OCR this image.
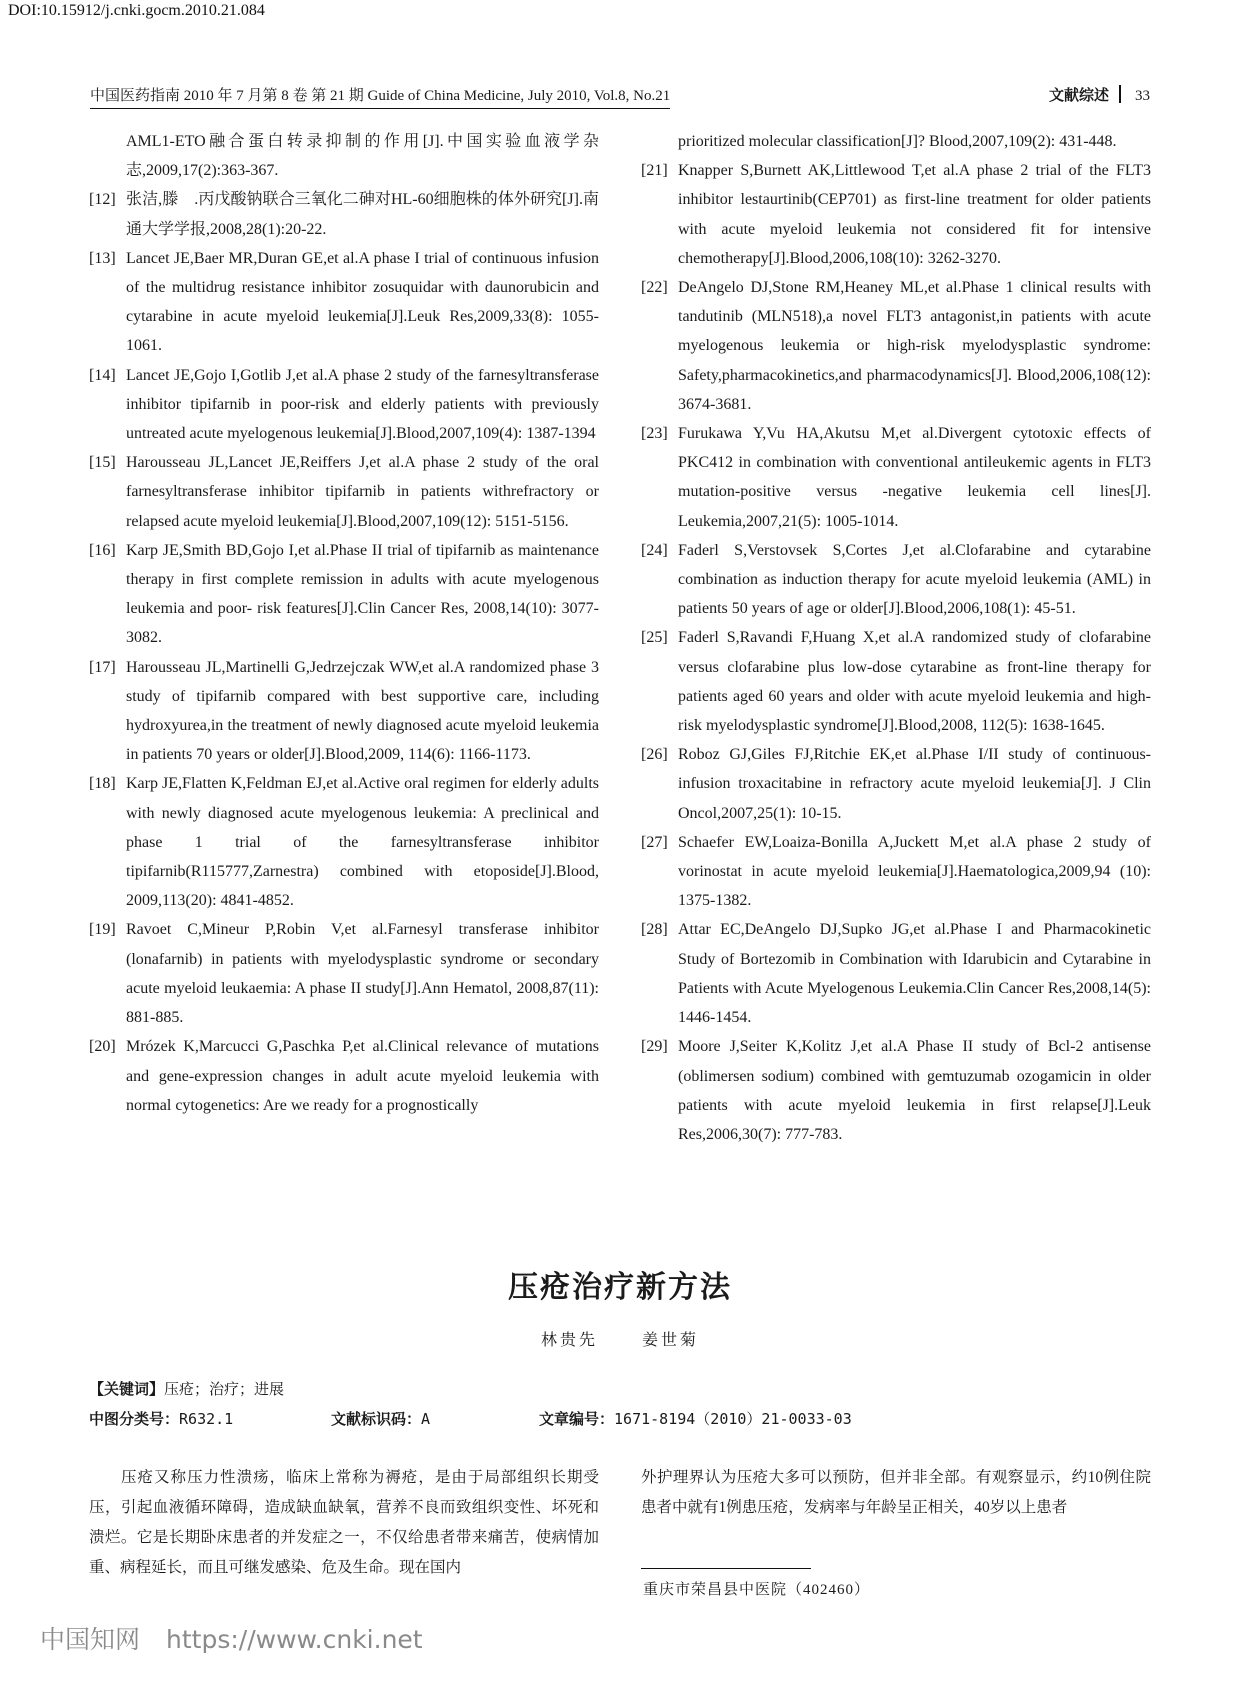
DOI:10.15912/j.cnki.gocm.2010.21.084
中国医药指南 2010 年 7 月第 8 卷 第 21 期 Guide of China Medicine, July 2010, Vol.8, No.21	文献综述 33
AML1-ETO融合蛋白转录抑制的作用[J].中国实验血液学杂志,2009,17(2):363-367.
[12] 张洁,滕　.丙戊酸钠联合三氧化二砷对HL-60细胞株的体外研究[J].南通大学学报,2008,28(1):20-22.
[13] Lancet JE,Baer MR,Duran GE,et al.A phase I trial of continuous infusion of the multidrug resistance inhibitor zosuquidar with daunorubicin and cytarabine in acute myeloid leukemia[J].Leuk Res,2009,33(8): 1055-1061.
[14] Lancet JE,Gojo I,Gotlib J,et al.A phase 2 study of the farnesyltransferase inhibitor tipifarnib in poor-risk and elderly patients with previously untreated acute myelogenous leukemia[J].Blood,2007,109(4): 1387-1394
[15] Harousseau JL,Lancet JE,Reiffers J,et al.A phase 2 study of the oral farnesyltransferase inhibitor tipifarnib in patients withrefractory or relapsed acute myeloid leukemia[J].Blood,2007,109(12): 5151-5156.
[16] Karp JE,Smith BD,Gojo I,et al.Phase II trial of tipifarnib as maintenance therapy in first complete remission in adults with acute myelogenous leukemia and poor- risk features[J].Clin Cancer Res, 2008,14(10): 3077-3082.
[17] Harousseau JL,Martinelli G,Jedrzejczak WW,et al.A randomized phase 3 study of tipifarnib compared with best supportive care, including hydroxyurea,in the treatment of newly diagnosed acute myeloid leukemia in patients 70 years or older[J].Blood,2009, 114(6): 1166-1173.
[18] Karp JE,Flatten K,Feldman EJ,et al.Active oral regimen for elderly adults with newly diagnosed acute myelogenous leukemia: A preclinical and phase 1 trial of the farnesyltransferase inhibitor tipifarnib(R115777,Zarnestra) combined with etoposide[J].Blood, 2009,113(20): 4841-4852.
[19] Ravoet C,Mineur P,Robin V,et al.Farnesyl transferase inhibitor (lonafarnib) in patients with myelodysplastic syndrome or secondary acute myeloid leukaemia: A phase II study[J].Ann Hematol, 2008,87(11): 881-885.
[20] Mrózek K,Marcucci G,Paschka P,et al.Clinical relevance of mutations and gene-expression changes in adult acute myeloid leukemia with normal cytogenetics: Are we ready for a prognostically
prioritized molecular classification[J]? Blood,2007,109(2): 431-448.
[21] Knapper S,Burnett AK,Littlewood T,et al.A phase 2 trial of the FLT3 inhibitor lestaurtinib(CEP701) as first-line treatment for older patients with acute myeloid leukemia not considered fit for intensive chemotherapy[J].Blood,2006,108(10): 3262-3270.
[22] DeAngelo DJ,Stone RM,Heaney ML,et al.Phase 1 clinical results with tandutinib (MLN518),a novel FLT3 antagonist,in patients with acute myelogenous leukemia or high-risk myelodysplastic syndrome: Safety,pharmacokinetics,and pharmacodynamics[J]. Blood,2006,108(12): 3674-3681.
[23] Furukawa Y,Vu HA,Akutsu M,et al.Divergent cytotoxic effects of PKC412 in combination with conventional antileukemic agents in FLT3 mutation-positive versus -negative leukemia cell lines[J]. Leukemia,2007,21(5): 1005-1014.
[24] Faderl S,Verstovsek S,Cortes J,et al.Clofarabine and cytarabine combination as induction therapy for acute myeloid leukemia (AML) in patients 50 years of age or older[J].Blood,2006,108(1): 45-51.
[25] Faderl S,Ravandi F,Huang X,et al.A randomized study of clofarabine versus clofarabine plus low-dose cytarabine as front-line therapy for patients aged 60 years and older with acute myeloid leukemia and high-risk myelodysplastic syndrome[J].Blood,2008, 112(5): 1638-1645.
[26] Roboz GJ,Giles FJ,Ritchie EK,et al.Phase I/II study of continuous-infusion troxacitabine in refractory acute myeloid leukemia[J]. J Clin Oncol,2007,25(1): 10-15.
[27] Schaefer EW,Loaiza-Bonilla A,Juckett M,et al.A phase 2 study of vorinostat in acute myeloid leukemia[J].Haematologica,2009,94 (10): 1375-1382.
[28] Attar EC,DeAngelo DJ,Supko JG,et al.Phase I and Pharmacokinetic Study of Bortezomib in Combination with Idarubicin and Cytarabine in Patients with Acute Myelogenous Leukemia.Clin Cancer Res,2008,14(5): 1446-1454.
[29] Moore J,Seiter K,Kolitz J,et al.A Phase II study of Bcl-2 antisense (oblimersen sodium) combined with gemtuzumab ozogamicin in older patients with acute myeloid leukemia in first relapse[J].Leuk Res,2006,30(7): 777-783.
压疮治疗新方法
林贵先	姜世菊
【关键词】压疮；治疗；进展
中图分类号：R632.1	文献标识码：A	文章编号：1671-8194（2010）21-0033-03
压疮又称压力性溃疡，临床上常称为褥疮，是由于局部组织长期受压，引起血液循环障碍，造成缺血缺氧，营养不良而致组织变性、坏死和溃烂。它是长期卧床患者的并发症之一，不仅给患者带来痛苦，使病情加重、病程延长，而且可继发感染、危及生命。现在国内
外护理界认为压疮大多可以预防，但并非全部。有观察显示，约10例住院患者中就有1例患压疮，发病率与年龄呈正相关，40岁以上患者
重庆市荣昌县中医院（402460）
中国知网 https://www.cnki.net
